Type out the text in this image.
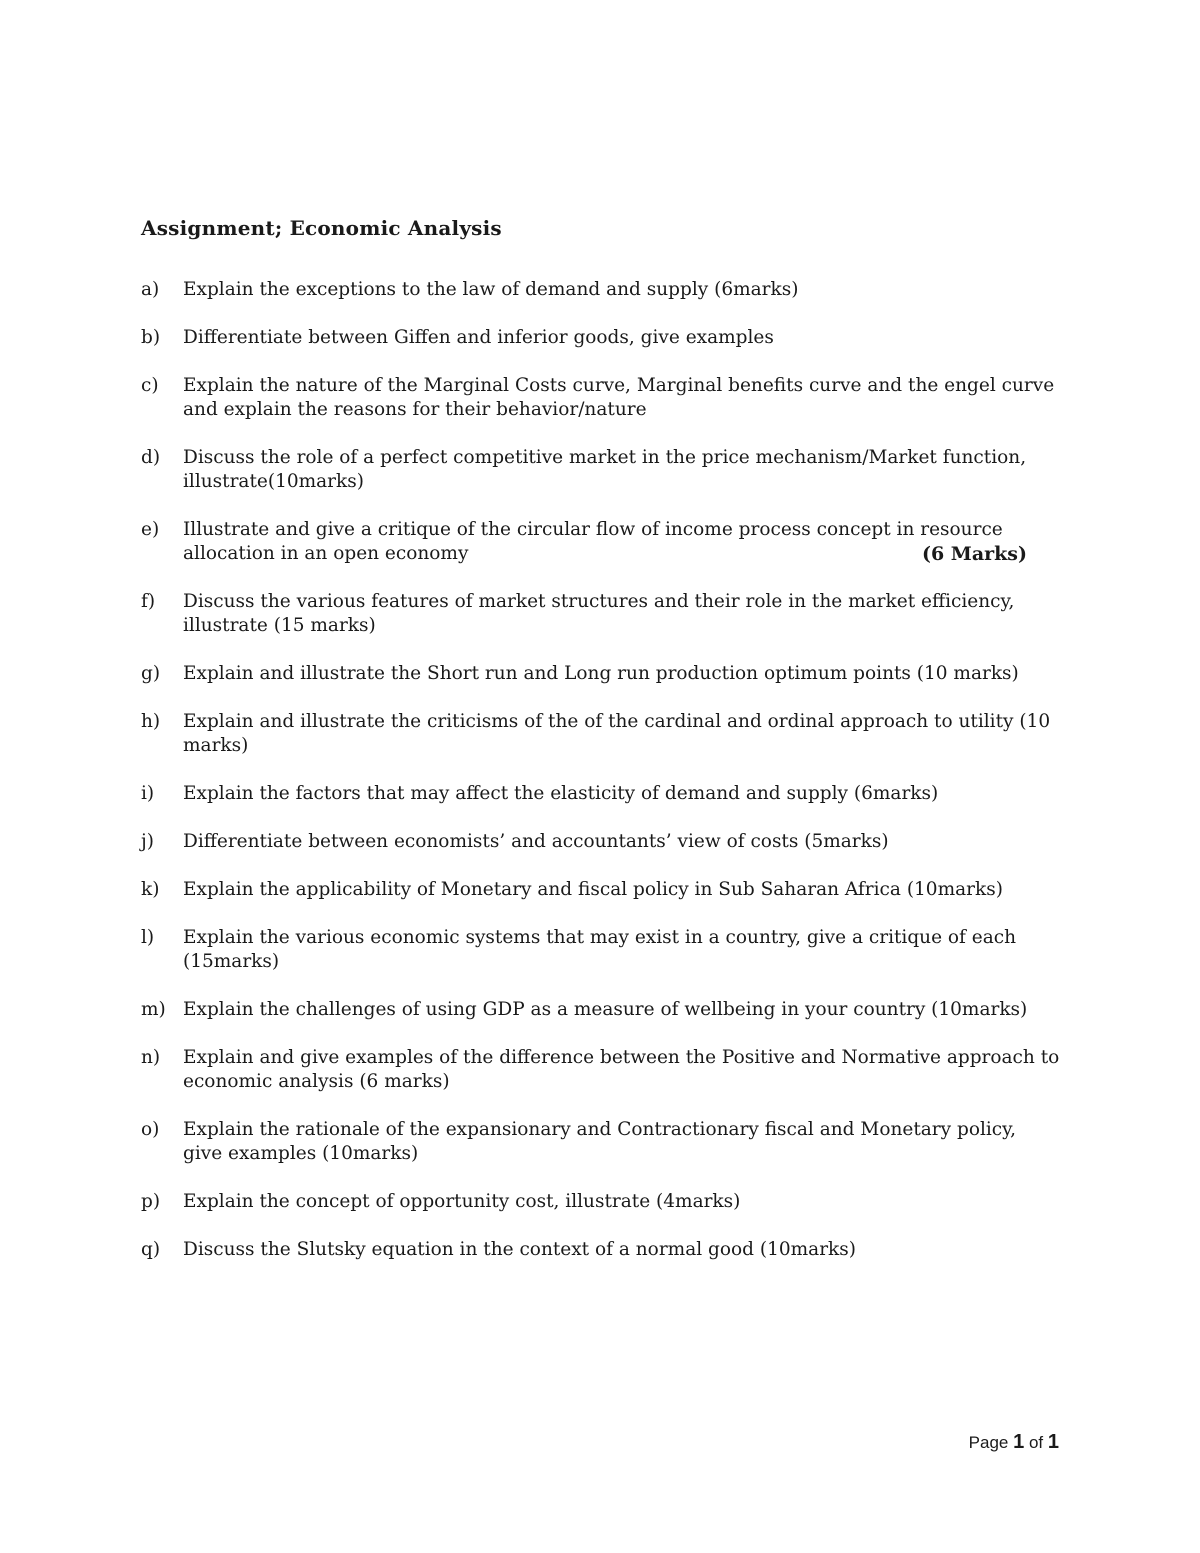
Assignment; Economic Analysis
a) Explain the exceptions to the law of demand and supply (6marks)
b) Differentiate between Giffen and inferior goods, give examples
c) Explain the nature of the Marginal Costs curve, Marginal benefits curve and the engel curve and explain the reasons for their behavior/nature
d) Discuss the role of a perfect competitive market in the price mechanism/Market function, illustrate(10marks)
e) Illustrate and give a critique of the circular flow of income process concept in resource allocation in an open economy	(6 Marks)
f) Discuss the various features of market structures and their role in the market efficiency, illustrate (15 marks)
g) Explain and illustrate the Short run and Long run production optimum points (10 marks)
h) Explain and illustrate the criticisms of the of the cardinal and ordinal approach to utility (10 marks)
i) Explain the factors that may affect the elasticity of demand and supply (6marks)
j) Differentiate between economists’ and accountants’ view of costs (5marks)
k) Explain the applicability of Monetary and fiscal policy in Sub Saharan Africa (10marks)
l) Explain the various economic systems that may exist in a country, give a critique of each (15marks)
m) Explain the challenges of using GDP as a measure of wellbeing in your country (10marks)
n) Explain and give examples of the difference between the Positive and Normative approach to economic analysis (6 marks)
o) Explain the rationale of the expansionary and Contractionary fiscal and Monetary policy, give examples (10marks)
p) Explain the concept of opportunity cost, illustrate (4marks)
q) Discuss the Slutsky equation in the context of a normal good (10marks)
Page 1 of 1
